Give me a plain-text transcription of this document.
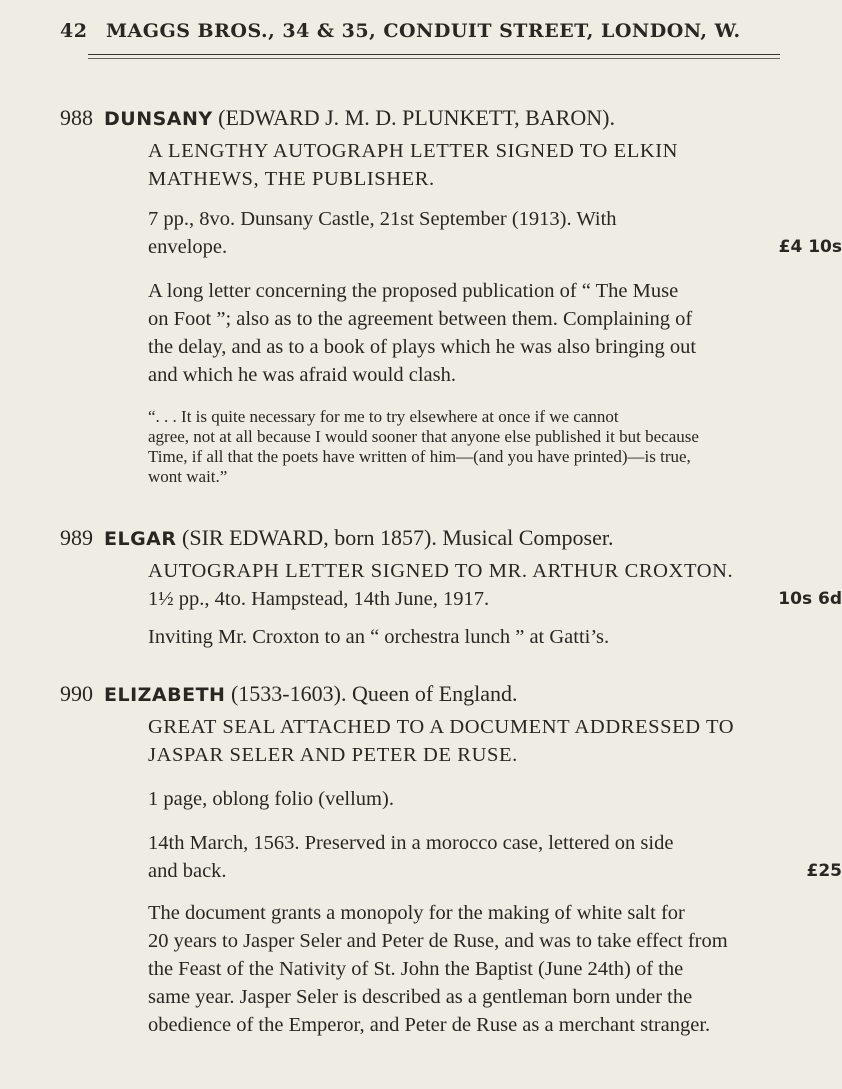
42 MAGGS BROS., 34 & 35, CONDUIT STREET, LONDON, W.
988 DUNSANY (EDWARD J. M. D. PLUNKETT, BARON).
A LENGTHY AUTOGRAPH LETTER SIGNED TO ELKIN
MATHEWS, THE PUBLISHER.
7 pp., 8vo. Dunsany Castle, 21st September (1913). With
envelope.	£4 10s
A long letter concerning the proposed publication of “ The Muse
on Foot ”; also as to the agreement between them. Complaining of
the delay, and as to a book of plays which he was also bringing out
and which he was afraid would clash.
“. . . It is quite necessary for me to try elsewhere at once if we cannot
agree, not at all because I would sooner that anyone else published it but because
Time, if all that the poets have written of him—(and you have printed)—is true,
wont wait.”
989 ELGAR (SIR EDWARD, born 1857). Musical Composer.
AUTOGRAPH LETTER SIGNED TO MR. ARTHUR CROXTON.
1½ pp., 4to. Hampstead, 14th June, 1917.	10s 6d
Inviting Mr. Croxton to an “ orchestra lunch ” at Gatti’s.
990 ELIZABETH (1533-1603). Queen of England.
GREAT SEAL ATTACHED TO A DOCUMENT ADDRESSED TO
JASPAR SELER AND PETER DE RUSE.
1 page, oblong folio (vellum).
14th March, 1563. Preserved in a morocco case, lettered on side
and back.	£25
The document grants a monopoly for the making of white salt for
20 years to Jasper Seler and Peter de Ruse, and was to take effect from
the Feast of the Nativity of St. John the Baptist (June 24th) of the
same year. Jasper Seler is described as a gentleman born under the
obedience of the Emperor, and Peter de Ruse as a merchant stranger.
